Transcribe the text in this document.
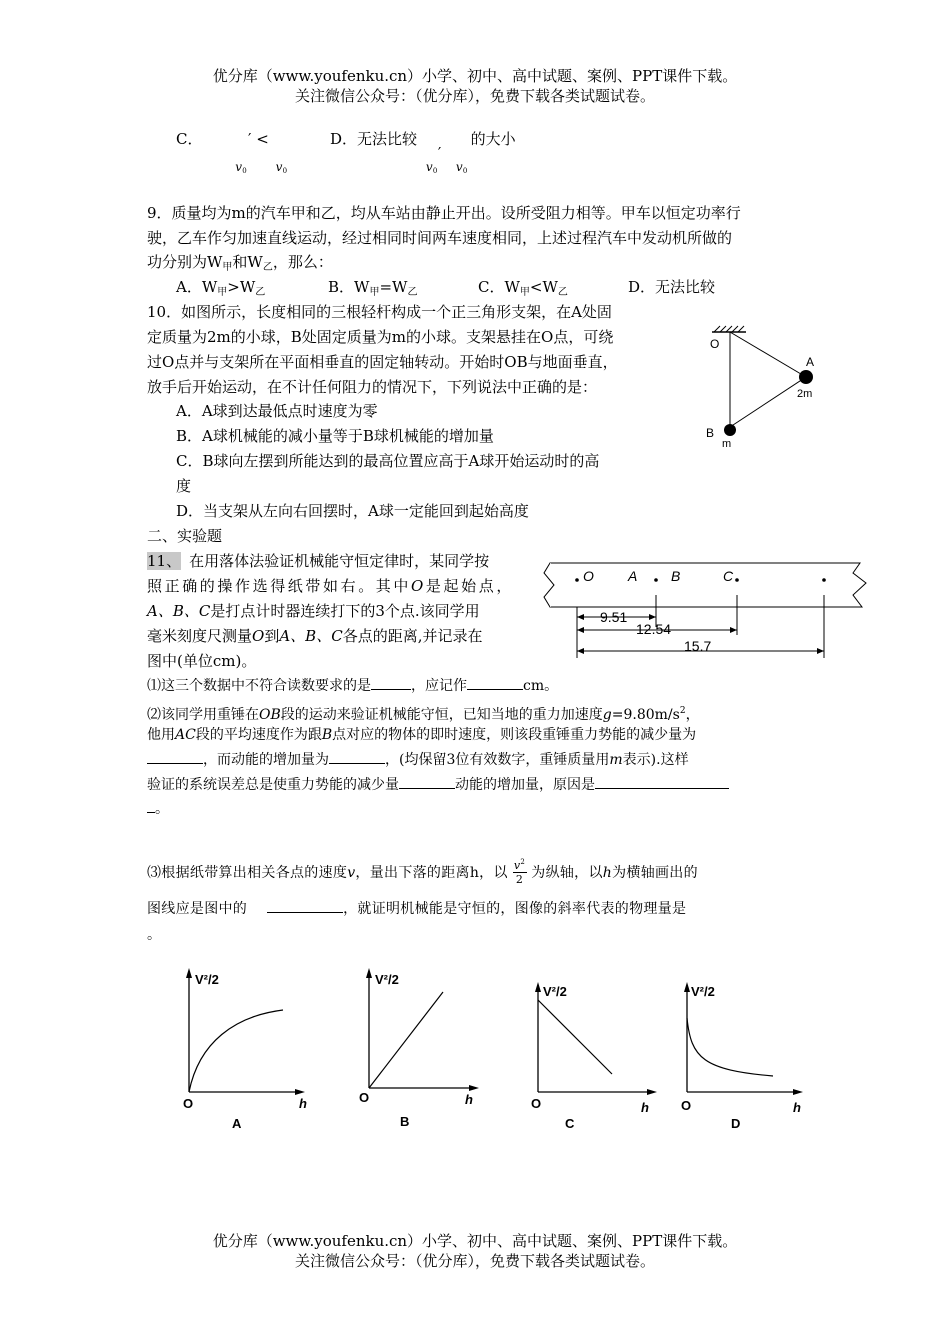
优分库（www.youfenku.cn）小学、初中、高中试题、案例、PPT课件下载。
关注微信公众号：（优分库），免费下载各类试题试卷。
C．
v 0
′ <
v 0
D．无法比较
v 0
′
v 0
的大小
9．质量均为m的汽车甲和乙，均从车站由静止开出。设所受阻力相等。甲车以恒定功率行
驶，乙车作匀加速直线运动，经过相同时间两车速度相同，上述过程汽车中发动机所做的
功分别为$W_甲$和$W_乙$，那么：
A．$W_甲>W_乙$	B．$W_甲=W_乙$	C．$W_甲<W_乙$	D．无法比较
10．如图所示，长度相同的三根轻杆构成一个正三角形支架，在A处固
定质量为2m的小球，B处固定质量为m的小球。支架悬挂在O点，可绕
过O点并与支架所在平面相垂直的固定轴转动。开始时OB与地面垂直，
放手后开始运动，在不计任何阻力的情况下，下列说法中正确的是：
A．A球到达最低点时速度为零
B．A球机械能的减小量等于B球机械能的增加量
C．B球向左摆到所能达到的最高位置应高于A球开始运动时的高
度
D．当支架从左向右回摆时，A球一定能回到起始高度
O
A
2m
B
m
二、实验题
11、 在用落体法验证机械能守恒定律时，某同学按
照正确的操作选得纸带如右。其中O是起始点，
A、B、C是打点计时器连续打下的3个点.该同学用
毫米刻度尺测量O到A、B、C各点的距离,并记录在
图中(单位cm)。
O A B	C
9.51
12.54
15.7
⑴这三个数据中不符合读数要求的是	，应记作	cm。
⑵该同学用重锤在OB段的运动来验证机械能守恒，已知当地的重力加速度$g=9.80m/s^2$，
他用AC段的平均速度作为跟B点对应的物体的即时速度，则该段重锤重力势能的减少量为
，而动能的增加量为	，(均保留3位有效数字，重锤质量用m表示).这样
验证的系统误差总是使重力势能的减少量	动能的增加量，原因是
。
⑶根据纸带算出相关各点的速度v，量出下落的距离h，以 $\frac{v^2}{2}$ 为纵轴，以h为横轴画出的
图线应是图中的	，就证明机械能是守恒的，图像的斜率代表的物理量是
。
V²/2
O	h
A
V²/2
O	h
B
V²/2
O	h
C
V²/2
O	h
D
优分库（www.youfenku.cn）小学、初中、高中试题、案例、PPT课件下载。
关注微信公众号：（优分库），免费下载各类试题试卷。
